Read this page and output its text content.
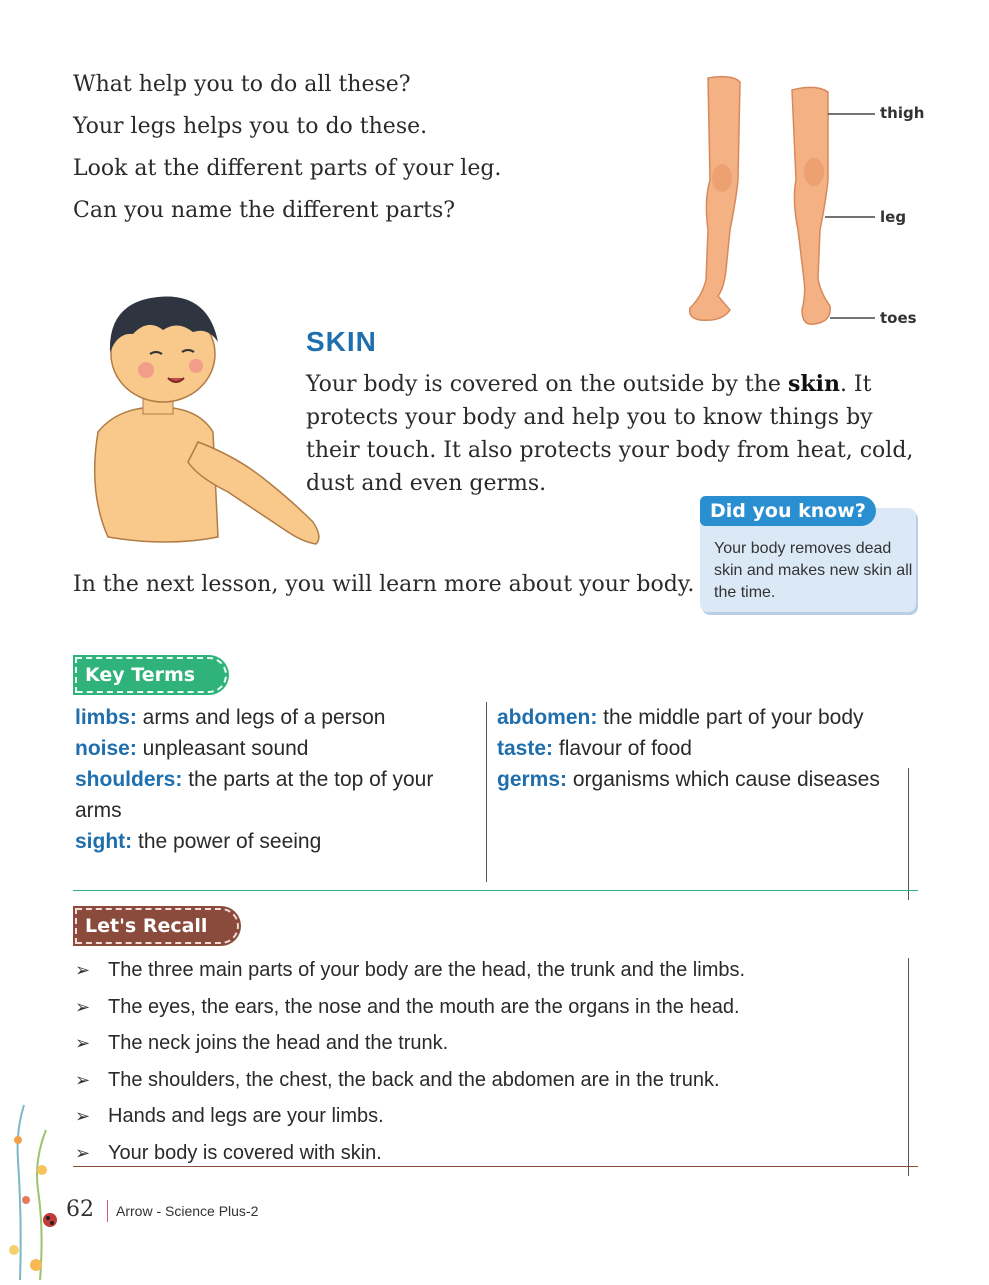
What help you to do all these?

Your legs helps you to do these.

Look at the different parts of your leg.

Can you name the different parts?

thigh
leg
toes
SKIN
Your body is covered on the outside by the skin. It protects your body and help you to know things by their touch. It also protects your body from heat, cold, dust and even germs.
Did you know?
Your body removes dead skin and makes new skin all the time.
In the next lesson, you will learn more about your body.
Key Terms
limbs: arms and legs of a person
noise: unpleasant sound
shoulders: the parts at the top of your arms
sight: the power of seeing
abdomen: the middle part of your body
taste: flavour of food
germs: organisms which cause diseases
Let's Recall
➢ The three main parts of your body are the head, the trunk and the limbs.
➢ The eyes, the ears, the nose and the mouth are the organs in the head.
➢ The neck joins the head and the trunk.
➢ The shoulders, the chest, the back and the abdomen are in the trunk.
➢ Hands and legs are your limbs.
➢ Your body is covered with skin.
62 Arrow - Science Plus-2
